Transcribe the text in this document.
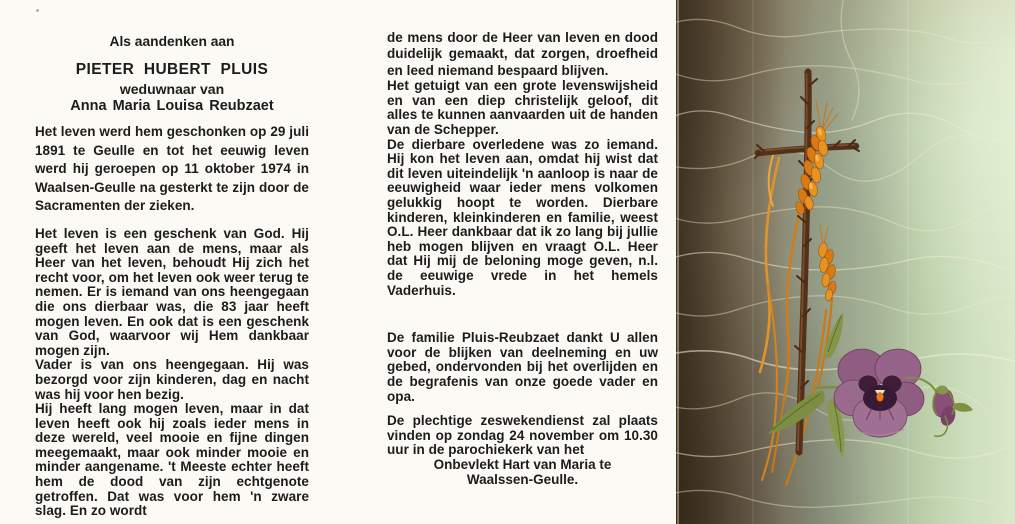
Als aandenken aan
PIETER HUBERT PLUIS
weduwnaar van
Anna Maria Louisa Reubzaet

Het leven werd hem geschonken op 29 juli 1891 te Geulle en tot het eeuwig leven werd hij geroepen op 11 oktober 1974 in Waalsen-Geulle na gesterkt te zijn door de Sacramenten der zieken.

Het leven is een geschenk van God. Hij geeft het leven aan de mens, maar als Heer van het leven, behoudt Hij zich het recht voor, om het leven ook weer terug te nemen. Er is iemand van ons heengegaan die ons dierbaar was, die 83 jaar heeft mogen leven. En ook dat is een geschenk van God, waarvoor wij Hem dankbaar mogen zijn.

Vader is van ons heengegaan. Hij was bezorgd voor zijn kinderen, dag en nacht was hij voor hen bezig.

Hij heeft lang mogen leven, maar in dat leven heeft ook hij zoals ieder mens in deze wereld, veel mooie en fijne dingen meegemaakt, maar ook minder mooie en minder aangename. 't Meeste echter heeft hem de dood van zijn echtgenote getroffen. Dat was voor hem 'n zware slag. En zo wordt

de mens door de Heer van leven en dood duidelijk gemaakt, dat zorgen, droefheid en leed niemand bespaard blijven.

Het getuigt van een grote levenswijsheid en van een diep christelijk geloof, dit alles te kunnen aanvaarden uit de handen van de Schepper.

De dierbare overledene was zo iemand. Hij kon het leven aan, omdat hij wist dat dit leven uiteindelijk 'n aanloop is naar de eeuwigheid waar ieder mens volkomen gelukkig hoopt te worden. Dierbare kinderen, kleinkinderen en familie, weest O.L. Heer dankbaar dat ik zo lang bij jullie heb mogen blijven en vraagt O.L. Heer dat Hij mij de beloning moge geven, n.l. de eeuwige vrede in het hemels Vaderhuis.

De familie Pluis-Reubzaet dankt U allen voor de blijken van deelneming en uw gebed, ondervonden bij het overlijden en de begrafenis van onze goede vader en opa.

De plechtige zeswekendienst zal plaats vinden op zondag 24 november om 10.30 uur in de parochiekerk van het

Onbevlekt Hart van Maria te

Waalssen-Geulle.
